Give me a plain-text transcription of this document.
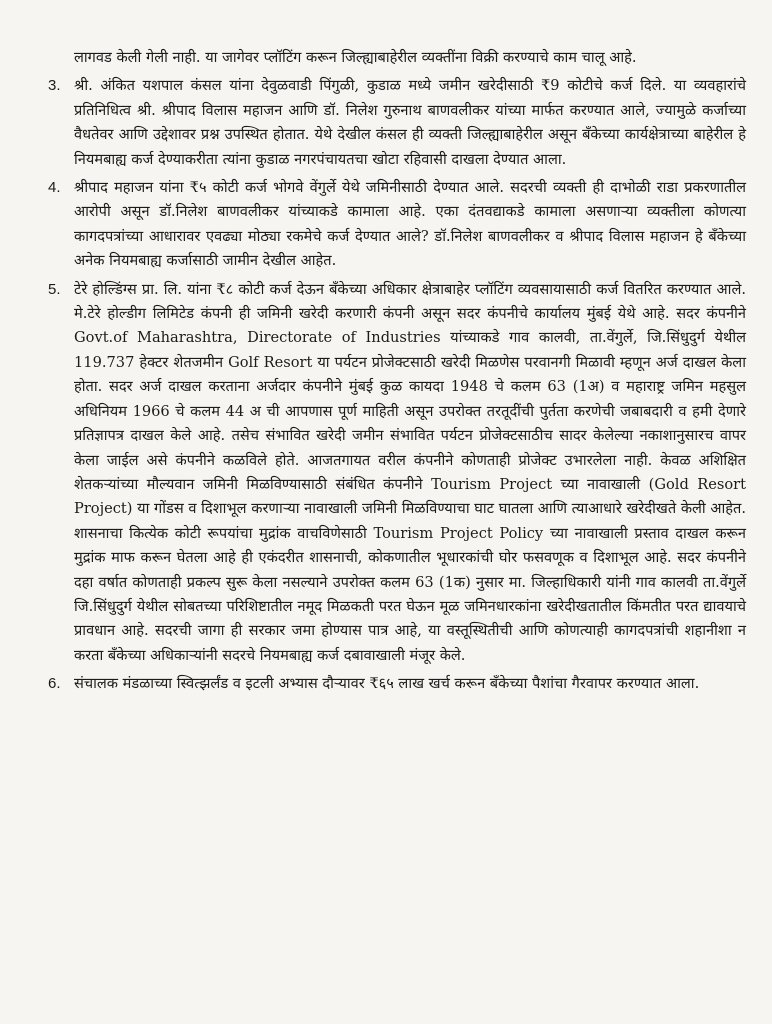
लागवड केली गेली नाही. या जागेवर प्लॉटिंग करून जिल्ह्याबाहेरील व्यक्तींना विक्री करण्याचे काम चालू आहे.

3. श्री. अंकित यशपाल कंसल यांना देवुळवाडी पिंगुळी, कुडाळ मध्ये जमीन खरेदीसाठी ₹9 कोटीचे कर्ज दिले. या व्यवहारांचे प्रतिनिधित्व श्री. श्रीपाद विलास महाजन आणि डॉ. निलेश गुरुनाथ बाणवलीकर यांच्या मार्फत करण्यात आले, ज्यामुळे कर्जाच्या वैधतेवर आणि उद्देशावर प्रश्न उपस्थित होतात. येथे देखील कंसल ही व्यक्ती जिल्ह्याबाहेरील असून बँकेच्या कार्यक्षेत्राच्या बाहेरील हे नियमबाह्य कर्ज देण्याकरीता त्यांना कुडाळ नगरपंचायतचा खोटा रहिवासी दाखला देण्यात आला.

4. श्रीपाद महाजन यांना ₹५ कोटी कर्ज भोगवे वेंगुर्ले येथे जमिनीसाठी देण्यात आले. सदरची व्यक्ती ही दाभोळी राडा प्रकरणातील आरोपी असून डॉ.निलेश बाणवलीकर यांच्याकडे कामाला आहे. एका दंतवद्याकडे कामाला असणाऱ्या व्यक्तीला कोणत्या कागदपत्रांच्या आधारावर एवढ्या मोठ्या रकमेचे कर्ज देण्यात आले? डॉ.निलेश बाणवलीकर व श्रीपाद विलास महाजन हे बँकेच्या अनेक नियमबाह्य कर्जासाठी जामीन देखील आहेत.

5. टेरे होल्डिंग्स प्रा. लि. यांना ₹८ कोटी कर्ज देऊन बँकेच्या अधिकार क्षेत्राबाहेर प्लॉटिंग व्यवसायासाठी कर्ज वितरित करण्यात आले. मे.टेरे होल्डीग लिमिटेड कंपनी ही जमिनी खरेदी करणारी कंपनी असून सदर कंपनीचे कार्यालय मुंबई येथे आहे. सदर कंपनीने Govt.of Maharashtra, Directorate of Industries यांच्याकडे गाव कालवी, ता.वेंगुर्ले, जि.सिंधुदुर्ग येथील 119.737 हेक्टर शेतजमीन Golf Resort या पर्यटन प्रोजेक्टसाठी खरेदी मिळणेस परवानगी मिळावी म्हणून अर्ज दाखल केला होता. सदर अर्ज दाखल करताना अर्जदार कंपनीने मुंबई कुळ कायदा 1948 चे कलम 63 (1अ) व महाराष्ट्र जमिन महसुल अधिनियम 1966 चे कलम 44 अ ची आपणास पूर्ण माहिती असून उपरोक्त तरतूदींची पुर्तता करणेची जबाबदारी व हमी देणारे प्रतिज्ञापत्र दाखल केले आहे. तसेच संभावित खरेदी जमीन संभावित पर्यटन प्रोजेक्टसाठीच सादर केलेल्या नकाशानुसारच वापर केला जाईल असे कंपनीने कळविले होते. आजतगायत वरील कंपनीने कोणताही प्रोजेक्ट उभारलेला नाही. केवळ अशिक्षित शेतकऱ्यांच्या मौल्यवान जमिनी मिळविण्यासाठी संबंधित कंपनीने Tourism Project च्या नावाखाली (Gold Resort Project) या गोंडस व दिशाभूल करणाऱ्या नावाखाली जमिनी मिळविण्याचा घाट घातला आणि त्याआधारे खरेदीखते केली आहेत. शासनाचा कित्येक कोटी रूपयांचा मुद्रांक वाचविणेसाठी Tourism Project Policy च्या नावाखाली प्रस्ताव दाखल करून मुद्रांक माफ करून घेतला आहे ही एकंदरीत शासनाची, कोकणातील भूधारकांची घोर फसवणूक व दिशाभूल आहे. सदर कंपनीने दहा वर्षात कोणताही प्रकल्प सुरू केला नसल्याने उपरोक्त कलम 63 (1क) नुसार मा. जिल्हाधिकारी यांनी गाव कालवी ता.वेंगुर्ले जि.सिंधुदुर्ग येथील सोबतच्या परिशिष्टातील नमूद मिळकती परत घेऊन मूळ जमिनधारकांना खरेदीखतातील किंमतीत परत द्यावयाचे प्रावधान आहे. सदरची जागा ही सरकार जमा होण्यास पात्र आहे, या वस्तूस्थितीची आणि कोणत्याही कागदपत्रांची शहानीशा न करता बँकेच्या अधिकाऱ्यांनी सदरचे नियमबाह्य कर्ज दबावाखाली मंजूर केले.

6. संचालक मंडळाच्या स्वित्झर्लंड व इटली अभ्यास दौऱ्यावर ₹६५ लाख खर्च करून बँकेच्या पैशांचा गैरवापर करण्यात आला.
